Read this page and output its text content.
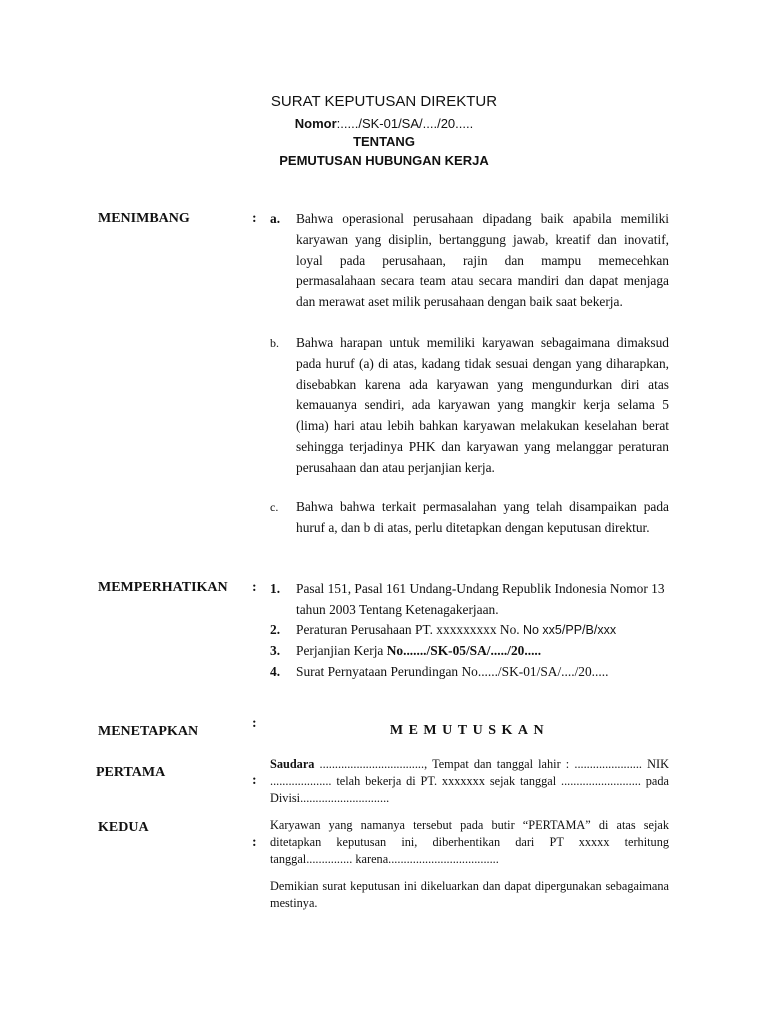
SURAT KEPUTUSAN DIREKTUR
Nomor:...../SK-01/SA/..../20.....
TENTANG
PEMUTUSAN HUBUNGAN KERJA
MENIMBANG	: a. Bahwa operasional perusahaan dipadang baik apabila memiliki karyawan yang disiplin, bertanggung jawab, kreatif dan inovatif, loyal pada perusahaan, rajin dan mampu memecehkan permasalahaan secara team atau secara mandiri dan dapat menjaga dan merawat aset milik perusahaan dengan baik saat bekerja.
b. Bahwa harapan untuk memiliki karyawan sebagaimana dimaksud pada huruf (a) di atas, kadang tidak sesuai dengan yang diharapkan, disebabkan karena ada karyawan yang mengundurkan diri atas kemauanya sendiri, ada karyawan yang mangkir kerja selama 5 (lima) hari atau lebih bahkan karyawan melakukan keselahan berat sehingga terjadinya PHK dan karyawan yang melanggar peraturan perusahaan dan atau perjanjian kerja.
c. Bahwa bahwa terkait permasalahan yang telah disampaikan pada huruf a, dan b di atas, perlu ditetapkan dengan keputusan direktur.
MEMPERHATIKAN : 1. Pasal 151, Pasal 161 Undang-Undang Republik Indonesia Nomor 13 tahun 2003 Tentang Ketenagakerjaan.
2. Peraturan Perusahaan PT. xxxxxxxxx No. No xx5/PP/B/xxx
3. Perjanjian Kerja No......./SK-05/SA/...../20.....
4. Surat Pernyataan Perundingan No....../SK-01/SA/..../20.....
MENETAPKAN
:	MEMUTUSKAN
PERTAMA
:
Saudara .................................., Tempat dan tanggal lahir : ...................... NIK .................... telah bekerja di PT. xxxxxxx sejak tanggal .......................... pada Divisi.............................
KEDUA
:
Karyawan yang namanya tersebut pada butir “PERTAMA” di atas sejak ditetapkan keputusan ini, diberhentikan dari PT xxxxx terhitung tanggal............... karena....................................
Demikian surat keputusan ini dikeluarkan dan dapat dipergunakan sebagaimana mestinya.
